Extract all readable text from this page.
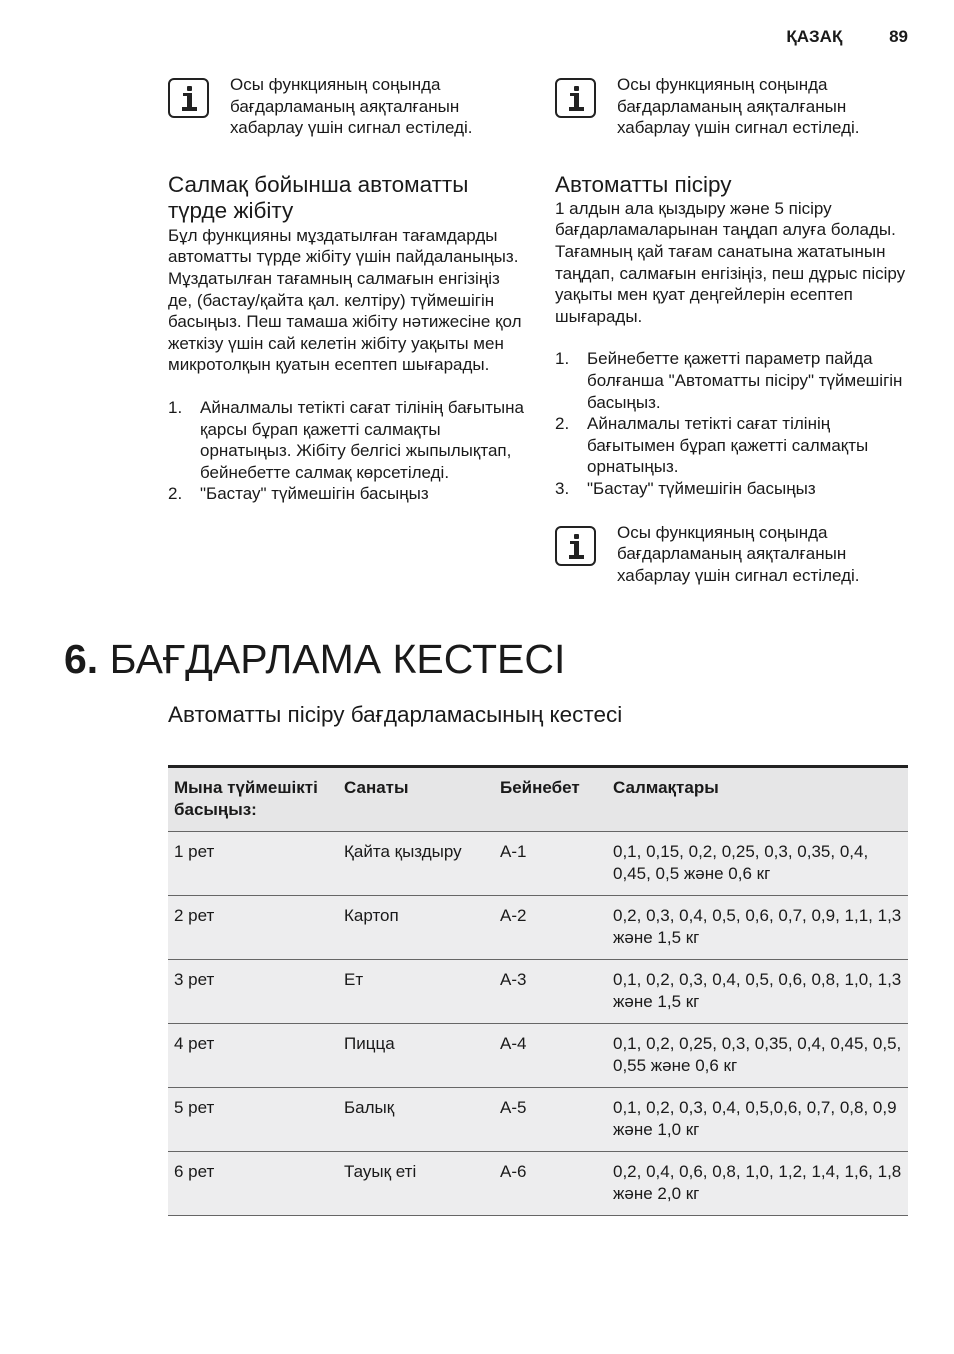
ҚАЗАҚ	89
Осы функцияның соңында бағдарламаның аяқталғанын хабарлау үшін сигнал естіледі.
Салмақ бойынша автоматты түрде жібіту

Бұл функцияны мұздатылған тағамдарды автоматты түрде жібіту үшін пайдаланыңыз. Мұздатылған тағамның салмағын енгізіңіз де, (бастау/қайта қал. келтіру) түймешігін басыңыз. Пеш тамаша жібіту нәтижесіне қол жеткізу үшін сай келетін жібіту уақыты мен микротолқын қуатын есептеп шығарады.

1.	Айналмалы тетікті сағат тілінің бағытына қарсы бұрап қажетті салмақты орнатыңыз. Жібіту белгісі жыпылықтап, бейнебетте салмақ көрсетіледі.
2.	"Бастау" түймешігін басыңыз
Осы функцияның соңында бағдарламаның аяқталғанын хабарлау үшін сигнал естіледі.
Автоматты пісіру

1 алдын ала қыздыру және 5 пісіру бағдарламаларынан таңдап алуға болады. Тағамның қай тағам санатына жататынын таңдап, салмағын енгізіңіз, пеш дұрыс пісіру уақыты мен қуат деңгейлерін есептеп шығарады.

1.	Бейнебетте қажетті параметр пайда болғанша "Автоматты пісіру" түймешігін басыңыз.
2.	Айналмалы тетікті сағат тілінің бағытымен бұрап қажетті салмақты орнатыңыз.
3.	"Бастау" түймешігін басыңыз
Осы функцияның соңында бағдарламаның аяқталғанын хабарлау үшін сигнал естіледі.
6. БАҒДАРЛАМА КЕСТЕСІ
Автоматты пісіру бағдарламасының кестесі
Мына түймешікті басыңыз:	Санаты	Бейнебет	Салмақтары
1 рет	Қайта қыздыру	A-1	0,1, 0,15, 0,2, 0,25, 0,3, 0,35, 0,4, 0,45, 0,5 және 0,6 кг
2 рет	Картоп	A-2	0,2, 0,3, 0,4, 0,5, 0,6, 0,7, 0,9, 1,1, 1,3 және 1,5 кг
3 рет	Ет	A-3	0,1, 0,2, 0,3, 0,4, 0,5, 0,6, 0,8, 1,0, 1,3 және 1,5 кг
4 рет	Пицца	A-4	0,1, 0,2, 0,25, 0,3, 0,35, 0,4, 0,45, 0,5, 0,55 және 0,6 кг
5 рет	Балық	A-5	0,1, 0,2, 0,3, 0,4, 0,5,0,6, 0,7, 0,8, 0,9 және 1,0 кг
6 рет	Тауық еті	A-6	0,2, 0,4, 0,6, 0,8, 1,0, 1,2, 1,4, 1,6, 1,8 және 2,0 кг
